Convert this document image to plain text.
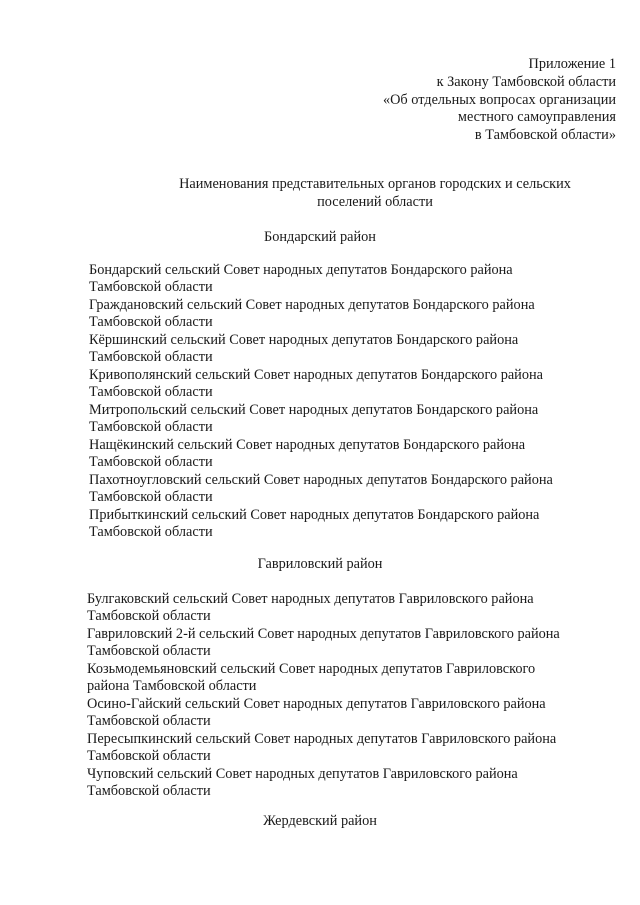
Приложение 1
к Закону Тамбовской области
«Об отдельных вопросах организации
местного самоуправления
в Тамбовской области»
Наименования представительных органов городских и сельских
поселений области
Бондарский район
Бондарский сельский Совет народных депутатов Бондарского района
Тамбовской области
Граждановский сельский Совет народных депутатов Бондарского района
Тамбовской области
Кёршинский сельский Совет народных депутатов Бондарского района
Тамбовской области
Кривополянский сельский Совет народных депутатов Бондарского района
Тамбовской области
Митропольский сельский Совет народных депутатов Бондарского района
Тамбовской области
Нащёкинский сельский Совет народных депутатов Бондарского района
Тамбовской области
Пахотноугловский сельский Совет народных депутатов Бондарского района
Тамбовской области
Прибыткинский сельский Совет народных депутатов Бондарского района
Тамбовской области
Гавриловский район
Булгаковский сельский Совет народных депутатов Гавриловского района
Тамбовской области
Гавриловский 2-й сельский Совет народных депутатов Гавриловского района
Тамбовской области
Козьмодемьяновский сельский Совет народных депутатов Гавриловского
района Тамбовской области
Осино-Гайский сельский Совет народных депутатов Гавриловского района
Тамбовской области
Пересыпкинский сельский Совет народных депутатов Гавриловского района
Тамбовской области
Чуповский сельский Совет народных депутатов Гавриловского района
Тамбовской области
Жердевский район
